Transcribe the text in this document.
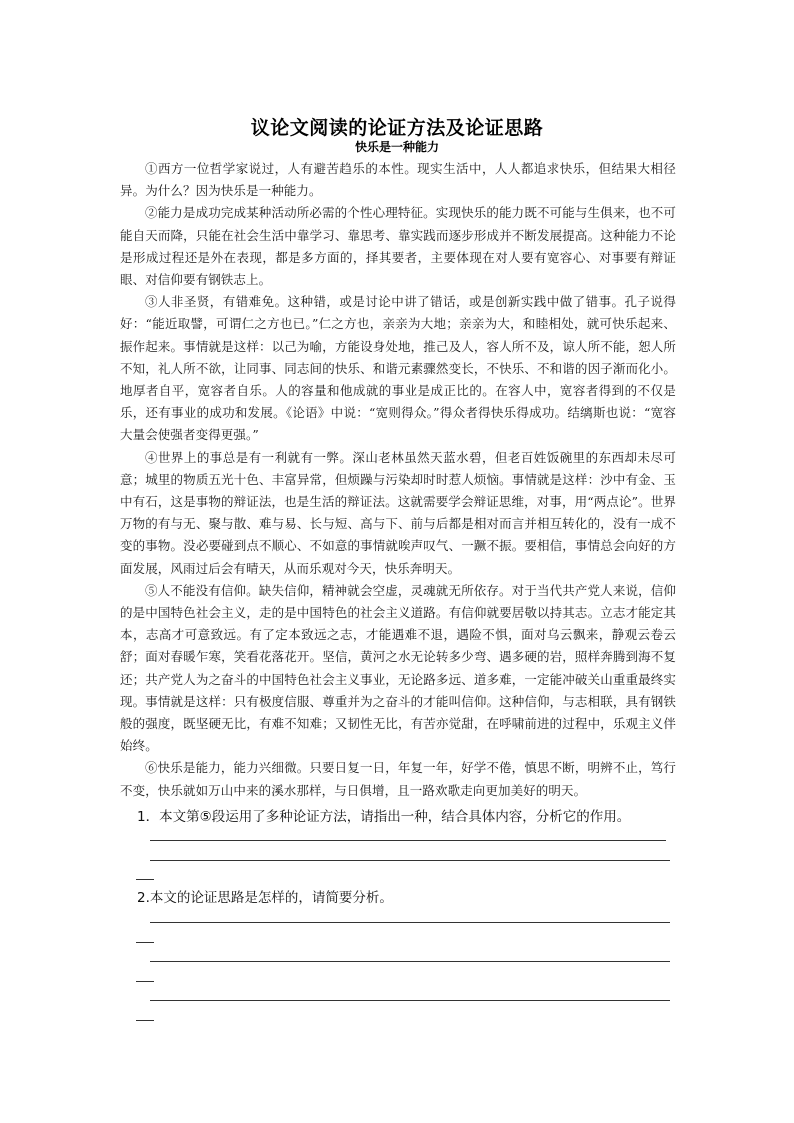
议论文阅读的论证方法及论证思路
快乐是一种能力

①西方一位哲学家说过，人有避苦趋乐的本性。现实生活中，人人都追求快乐，但结果大相径异。为什么？因为快乐是一种能力。

②能力是成功完成某种活动所必需的个性心理特征。实现快乐的能力既不可能与生俱来，也不可能自天而降，只能在社会生活中靠学习、靠思考、靠实践而逐步形成并不断发展提高。这种能力不论是形成过程还是外在表现，都是多方面的，择其要者，主要体现在对人要有宽容心、对事要有辩证眼、对信仰要有钢铁志上。

③人非圣贤，有错难免。这种错，或是讨论中讲了错话，或是创新实践中做了错事。孔子说得好：“能近取譬，可谓仁之方也已。”仁之方也，亲亲为大地；亲亲为大，和睦相处，就可快乐起来、振作起来。事情就是这样：以己为喻，方能设身处地，推己及人，容人所不及，谅人所不能，恕人所不知，礼人所不欲，让同事、同志间的快乐、和谐元素骤然变长，不快乐、不和谐的因子渐而化小。地厚者自平，宽容者自乐。人的容量和他成就的事业是成正比的。在容人中，宽容者得到的不仅是乐，还有事业的成功和发展。《论语》中说：“宽则得众。”得众者得快乐得成功。结缡斯也说：“宽容大量会使强者变得更强。”

④世界上的事总是有一利就有一弊。深山老林虽然天蓝水碧，但老百姓饭碗里的东西却未尽可意；城里的物质五光十色、丰富异常，但烦躁与污染却时时惹人烦恼。事情就是这样：沙中有金、玉中有石，这是事物的辩证法，也是生活的辩证法。这就需要学会辩证思维，对事，用“两点论”。世界万物的有与无、聚与散、难与易、长与短、高与下、前与后都是相对而言并相互转化的，没有一成不变的事物。没必要碰到点不顺心、不如意的事情就唉声叹气、一蹶不振。要相信，事情总会向好的方面发展，风雨过后会有晴天，从而乐观对今天，快乐奔明天。

⑤人不能没有信仰。缺失信仰，精神就会空虚，灵魂就无所依存。对于当代共产党人来说，信仰的是中国特色社会主义，走的是中国特色的社会主义道路。有信仰就要居敬以持其志。立志才能定其本，志高才可意致远。有了定本致远之志，才能遇难不退，遇险不惧，面对乌云飘来，静观云卷云舒；面对春暖乍寒，笑看花落花开。坚信，黄河之水无论转多少弯、遇多硬的岩，照样奔腾到海不复还；共产党人为之奋斗的中国特色社会主义事业，无论路多远、道多难，一定能冲破关山重重最终实现。事情就是这样：只有极度信服、尊重并为之奋斗的才能叫信仰。这种信仰，与志相联，具有钢铁般的强度，既坚硬无比，有难不知难；又韧性无比，有苦亦觉甜，在呼啸前进的过程中，乐观主义伴始终。

⑥快乐是能力，能力兴细微。只要日复一日，年复一年，好学不倦，慎思不断，明辨不止，笃行不变，快乐就如万山中来的溪水那样，与日俱增，且一路欢歌走向更加美好的明天。

1．本文第⑤段运用了多种论证方法，请指出一种，结合具体内容，分析它的作用。
2.本文的论证思路是怎样的，请简要分析。
